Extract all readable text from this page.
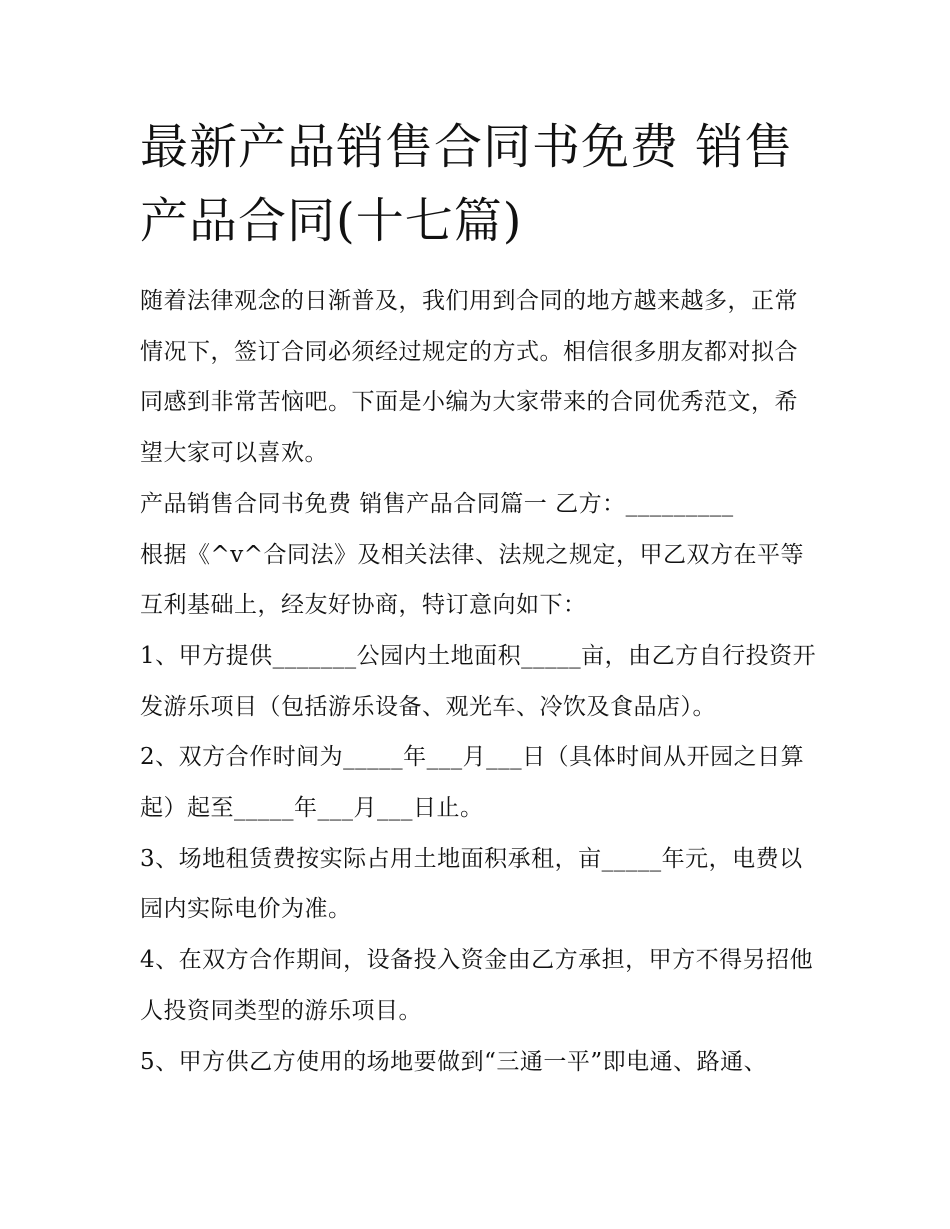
最新产品销售合同书免费 销售产品合同(十七篇)

随着法律观念的日渐普及，我们用到合同的地方越来越多，正常情况下，签订合同必须经过规定的方式。相信很多朋友都对拟合同感到非常苦恼吧。下面是小编为大家带来的合同优秀范文，希望大家可以喜欢。

产品销售合同书免费 销售产品合同篇一 乙方：_________

根据《^v^合同法》及相关法律、法规之规定，甲乙双方在平等互利基础上，经友好协商，特订意向如下：

1、甲方提供_______公园内土地面积_____亩，由乙方自行投资开发游乐项目（包括游乐设备、观光车、冷饮及食品店）。

2、双方合作时间为_____年___月___日（具体时间从开园之日算起）起至_____年___月___日止。

3、场地租赁费按实际占用土地面积承租，亩_____年元，电费以园内实际电价为准。

4、在双方合作期间，设备投入资金由乙方承担，甲方不得另招他人投资同类型的游乐项目。

5、甲方供乙方使用的场地要做到“三通一平”即电通、路通、
